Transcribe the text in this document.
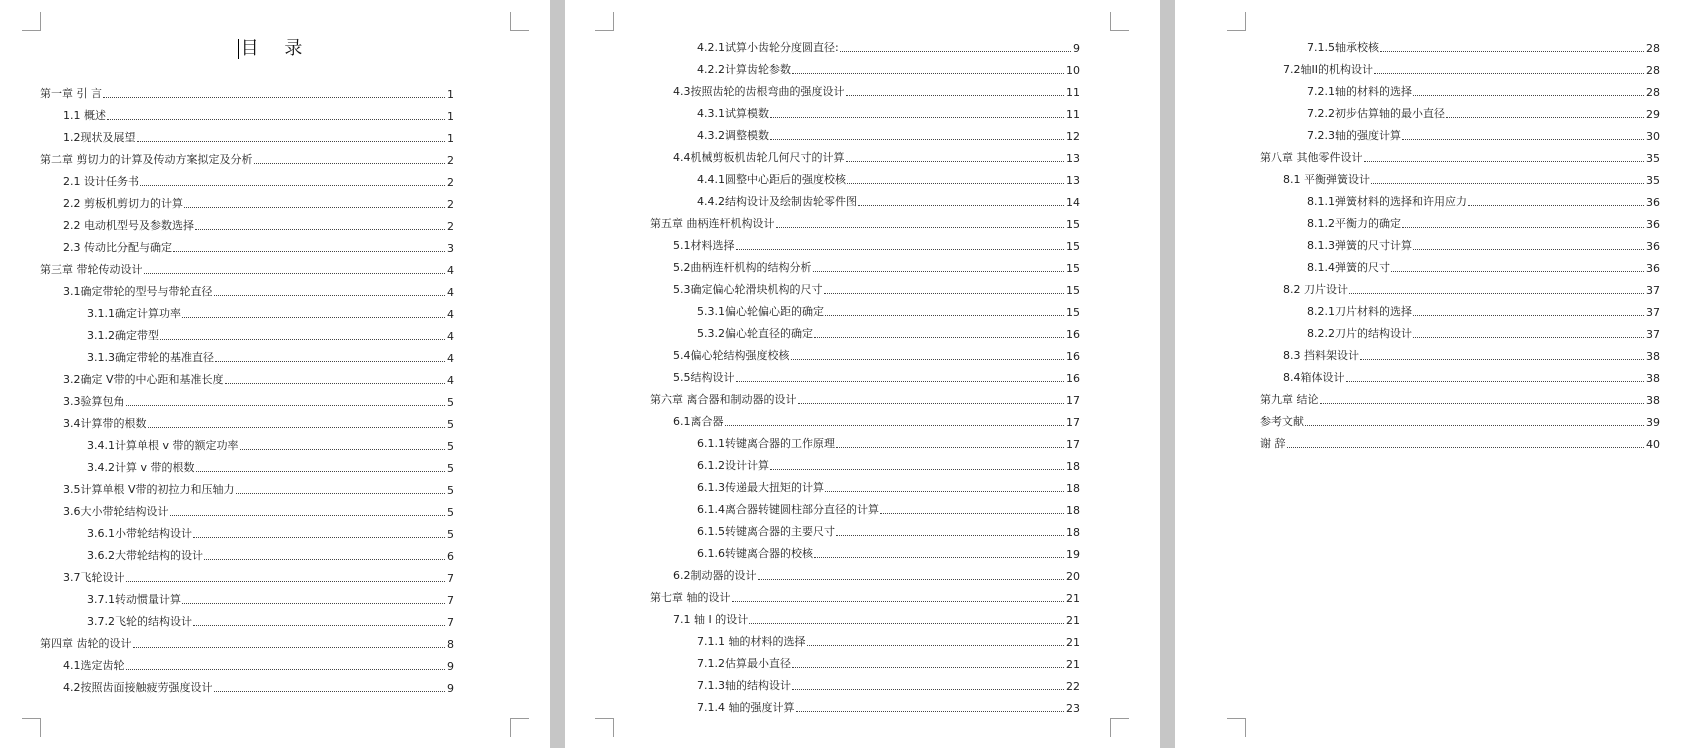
目 录
第一章 引 言	1
1.1 概述	1
1.2现状及展望	1
第二章 剪切力的计算及传动方案拟定及分析	2
2.1 设计任务书	2
2.2 剪板机剪切力的计算	2
2.2 电动机型号及参数选择	2
2.3 传动比分配与确定	3
第三章 带轮传动设计	4
3.1确定带轮的型号与带轮直径	4
3.1.1确定计算功率	4
3.1.2确定带型	4
3.1.3确定带轮的基准直径	4
3.2确定 V带的中心距和基准长度	4
3.3验算包角	5
3.4计算带的根数	5
3.4.1计算单根 v 带的额定功率	5
3.4.2计算 v 带的根数	5
3.5计算单根 V带的初拉力和压轴力	5
3.6大小带轮结构设计	5
3.6.1小带轮结构设计	5
3.6.2大带轮结构的设计	6
3.7飞轮设计	7
3.7.1转动惯量计算	7
3.7.2飞轮的结构设计	7
第四章 齿轮的设计	8
4.1选定齿轮	9
4.2按照齿面接触疲劳强度设计	9
4.2.1试算小齿轮分度圆直径:	9
4.2.2计算齿轮参数	10
4.3按照齿轮的齿根弯曲的强度设计	11
4.3.1试算模数	11
4.3.2调整模数	12
4.4机械剪板机齿轮几何尺寸的计算	13
4.4.1圆整中心距后的强度校核	13
4.4.2结构设计及绘制齿轮零件图	14
第五章 曲柄连杆机构设计	15
5.1材料选择	15
5.2曲柄连杆机构的结构分析	15
5.3确定偏心轮滑块机构的尺寸	15
5.3.1偏心轮偏心距的确定	15
5.3.2偏心轮直径的确定	16
5.4偏心轮结构强度校核	16
5.5结构设计	16
第六章 离合器和制动器的设计	17
6.1离合器	17
6.1.1转键离合器的工作原理	17
6.1.2设计计算	18
6.1.3传递最大扭矩的计算	18
6.1.4离合器转键圆柱部分直径的计算	18
6.1.5转键离合器的主要尺寸	18
6.1.6转键离合器的校核	19
6.2制动器的设计	20
第七章 轴的设计	21
7.1 轴 I 的设计	21
7.1.1 轴的材料的选择	21
7.1.2估算最小直径	21
7.1.3轴的结构设计	22
7.1.4 轴的强度计算	23
7.1.5轴承校核	28
7.2轴II的机构设计	28
7.2.1轴的材料的选择	28
7.2.2初步估算轴的最小直径	29
7.2.3轴的强度计算	30
第八章 其他零件设计	35
8.1 平衡弹簧设计	35
8.1.1弹簧材料的选择和许用应力	36
8.1.2平衡力的确定	36
8.1.3弹簧的尺寸计算	36
8.1.4弹簧的尺寸	36
8.2 刀片设计	37
8.2.1刀片材料的选择	37
8.2.2刀片的结构设计	37
8.3 挡料架设计	38
8.4箱体设计	38
第九章 结论	38
参考文献	39
谢 辞	40
